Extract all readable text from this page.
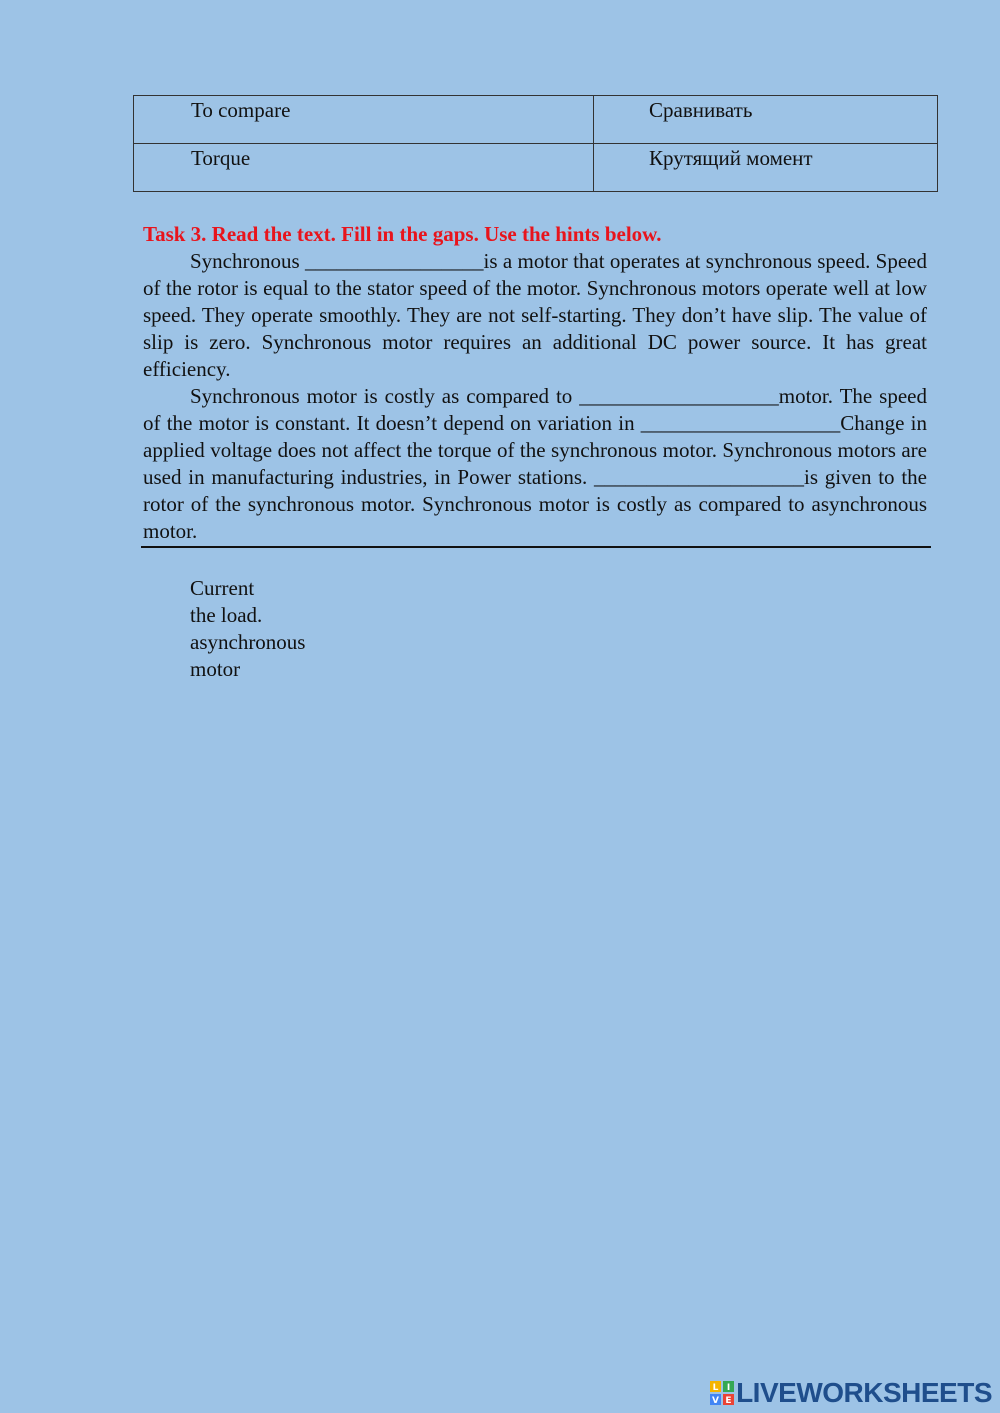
To compare	Сравнивать

Torque	Крутящий момент

Task 3. Read the text. Fill in the gaps. Use the hints below.

Synchronous _________________is a motor that operates at synchronous speed. Speed of the rotor is equal to the stator speed of the motor. Synchronous motors operate well at low speed. They operate smoothly. They are not self-starting. They don’t have slip. The value of slip is zero. Synchronous motor requires an additional DC power source. It has great efficiency.

Synchronous motor is costly as compared to ___________________motor. The speed of the motor is constant. It doesn’t depend on variation in ___________________Change in applied voltage does not affect the torque of the synchronous motor. Synchronous motors are used in manufacturing industries, in Power stations. ____________________is given to the rotor of the synchronous motor. Synchronous motor is costly as compared to asynchronous motor.

Current
the load.
asynchronous
motor
L I
V E LIVEWORKSHEETS
